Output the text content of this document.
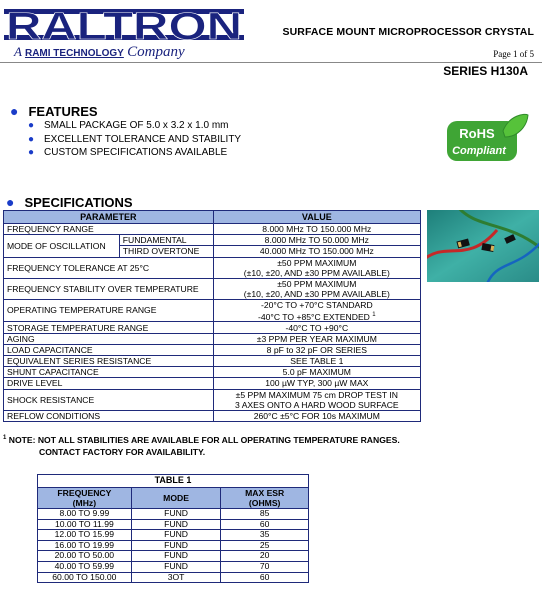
RALTRON
A RAMI TECHNOLOGY Company
SURFACE MOUNT MICROPROCESSOR CRYSTAL
Page 1 of 5
SERIES H130A
● FEATURES
● SMALL PACKAGE OF 5.0 x 3.2 x 1.0 mm
● EXCELLENT TOLERANCE AND STABILITY
● CUSTOM SPECIFICATIONS AVAILABLE
RoHS
Compliant
● SPECIFICATIONS
PARAMETER		VALUE
FREQUENCY RANGE		8.000 MHz TO 150.000 MHz
MODE OF OSCILLATION	FUNDAMENTAL	8.000 MHz TO 50.000 MHz
	THIRD OVERTONE	40.000 MHz TO 150.000 MHz
FREQUENCY TOLERANCE AT 25°C		±50 PPM MAXIMUM
(±10, ±20, AND ±30 PPM AVAILABLE)
FREQUENCY STABILITY OVER TEMPERATURE		±50 PPM MAXIMUM
(±10, ±20, AND ±30 PPM AVAILABLE)
OPERATING TEMPERATURE RANGE		-20°C TO +70°C STANDARD
-40°C TO +85°C EXTENDED $^1$
STORAGE TEMPERATURE RANGE		-40°C TO +90°C
AGING		±3 PPM PER YEAR MAXIMUM
LOAD CAPACITANCE		8 pF to 32 pF OR SERIES
EQUIVALENT SERIES RESISTANCE		SEE TABLE 1
SHUNT CAPACITANCE		5.0 pF MAXIMUM
DRIVE LEVEL		100 µW TYP, 300 µW MAX
SHOCK RESISTANCE		±5 PPM MAXIMUM 75 cm DROP TEST IN
3 AXES ONTO A HARD WOOD SURFACE
REFLOW CONDITIONS		260°C ±5°C FOR 10s MAXIMUM
$^1$ NOTE: NOT ALL STABILITIES ARE AVAILABLE FOR ALL OPERATING TEMPERATURE RANGES.
CONTACT FACTORY FOR AVAILABILITY.
TABLE 1		
FREQUENCY
(MHz)	MODE	MAX ESR
(OHMS)
8.00 TO 9.99	FUND	85
10.00 TO 11.99	FUND	60
12.00 TO 15.99	FUND	35
16.00 TO 19.99	FUND	25
20.00 TO 50.00	FUND	20
40.00 TO 59.99	FUND	70
60.00 TO 150.00	3OT	60
